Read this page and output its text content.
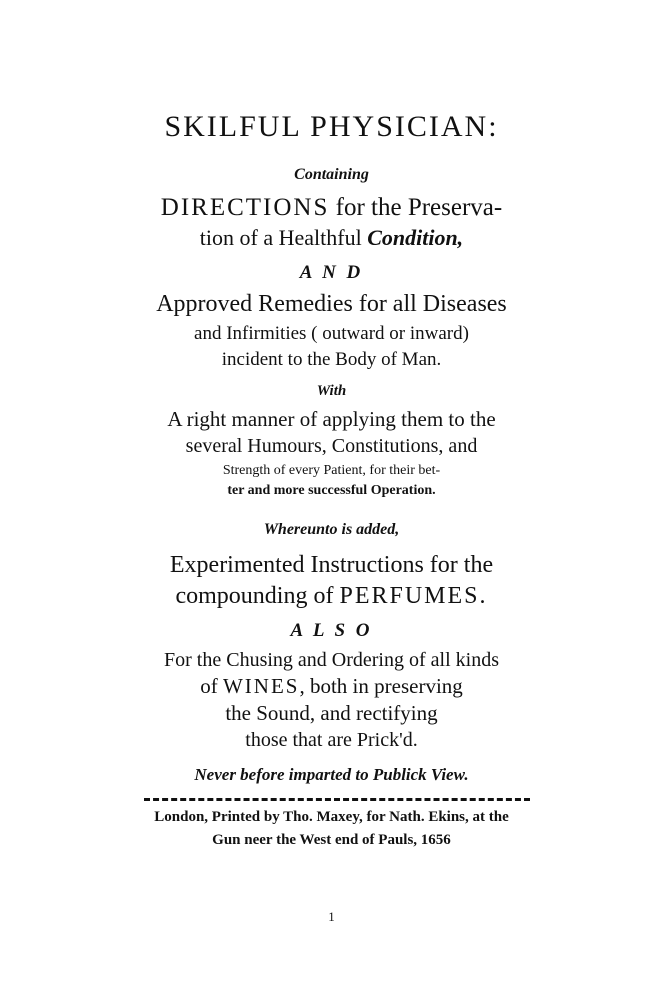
SKILFUL PHYSICIAN:
Containing
DIRECTIONS for the Preserva-
tion of a Healthful Condition,
A N D
Approved Remedies for all Diseases
and Infirmities ( outward or inward)
incident to the Body of Man.
With
A right manner of applying them to the
several Humours, Constitutions, and
Strength of every Patient, for their bet-
ter and more successful Operation.
Whereunto is added,
Experimented Instructions for the
compounding of PERFUMES.
A L S O
For the Chusing and Ordering of all kinds
of WINES, both in preserving
the Sound, and rectifying
those that are Prick'd.
Never before imparted to Publick View.
London, Printed by Tho. Maxey, for Nath. Ekins, at the
Gun neer the West end of Pauls, 1656
1
